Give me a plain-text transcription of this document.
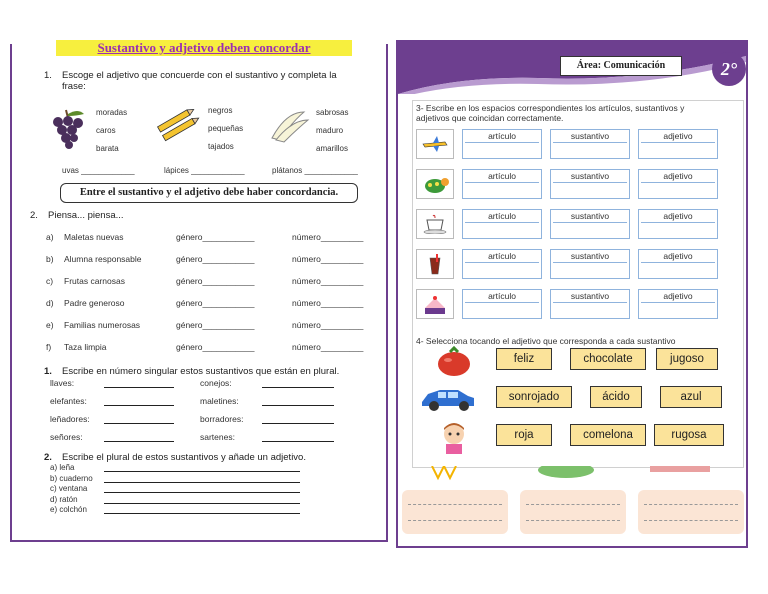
Sustantivo y adjetivo deben concordar
1. Escoge el adjetivo que concuerde con el sustantivo y completa la
frase:
moradas
caros
barata
negros
pequeñas
tajados
sabrosas
maduro
amarillos
uvas ____________	lápices ____________	plátanos ____________
Entre el sustantivo y el adjetivo debe haber concordancia.
2. Piensa... piensa...
a) Maletas nuevas	género___________	número_________
b) Alumna responsable	género___________	número_________
c) Frutas carnosas	género___________	número_________
d) Padre generoso	género___________	número_________
e) Familias numerosas	género___________	número_________
f) Taza limpia	género___________	número_________
1. Escribe en número singular estos sustantivos que están en plural.
llaves:	conejos:
elefantes:	maletines:
leñadores:	borradores:
señores:	sartenes:
2. Escribe el plural de estos sustantivos y añade un adjetivo.
a) leña
b) cuaderno
c) ventana
d) ratón
e) colchón
Área: Comunicación	2°
3- Escribe en los espacios correspondientes los artículos, sustantivos y
adjetivos que coincidan correctamente.
artículo	sustantivo	adjetivo
artículo	sustantivo	adjetivo
artículo	sustantivo	adjetivo
artículo	sustantivo	adjetivo
artículo	sustantivo	adjetivo
4- Selecciona tocando el adjetivo que corresponda a cada sustantivo
feliz	chocolate	jugoso
sonrojado	ácido	azul
roja	comelona	rugosa
